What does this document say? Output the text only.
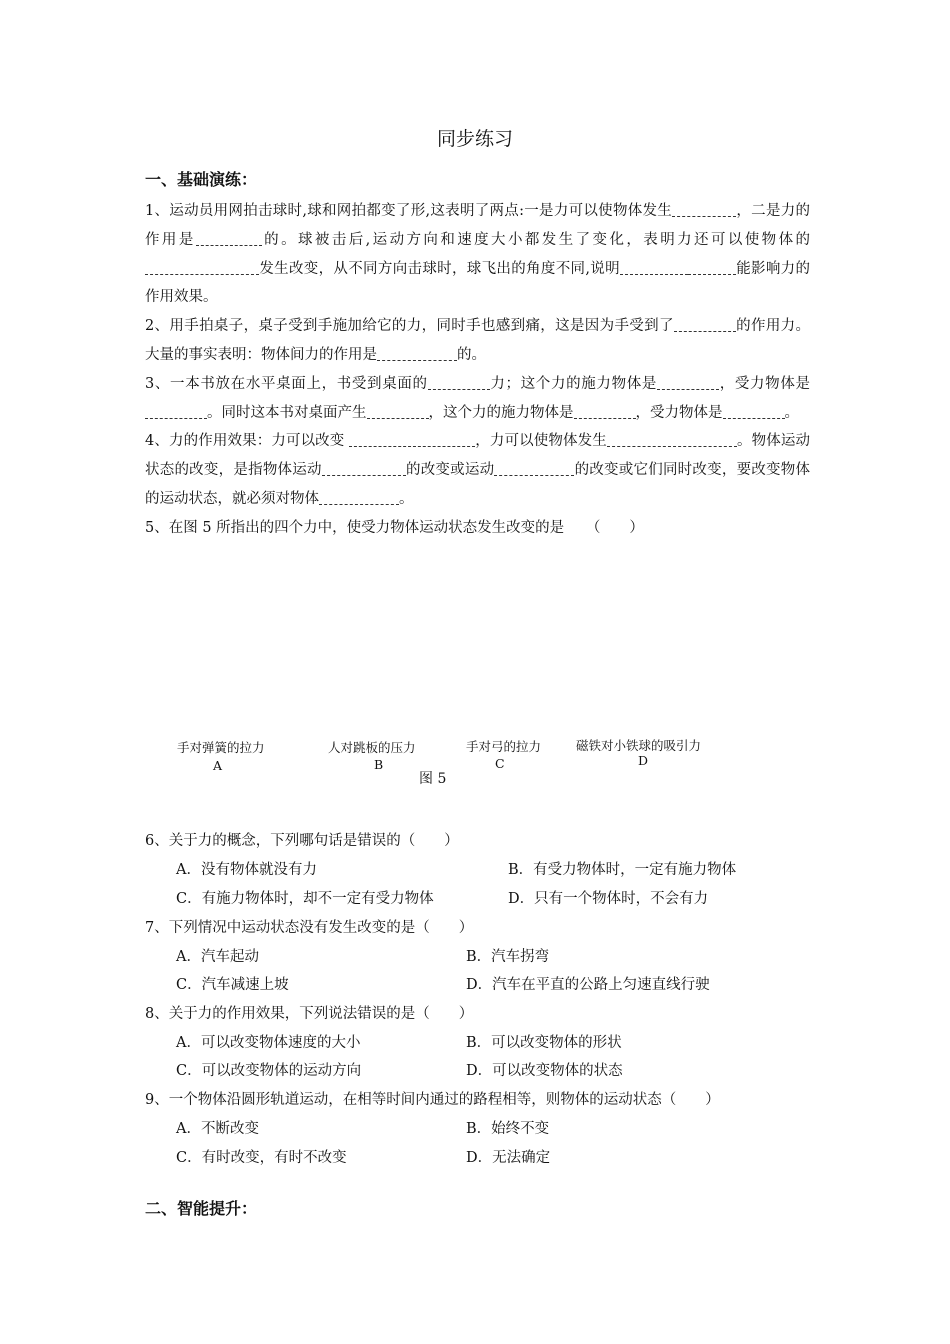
同步练习
一、基础演练：

1、运动员用网拍击球时,球和网拍都变了形,这表明了两点:一是力可以使物体发生	，二是力的作用是	的。球被击后,运动方向和速度大小都发生了变化，表明力还可以使物体的发生改变，从不同方向击球时，球飞出的角度不同,说明	能影响力的作用效果。

2、用手拍桌子，桌子受到手施加给它的力，同时手也感到痛，这是因为手受到了	的作用力。大量的事实表明：物体间力的作用是	的。

3、一本书放在水平桌面上，书受到桌面的	力；这个力的施力物体是	，受力物体是。同时这本书对桌面产生	，这个力的施力物体是	，受力物体是	。

4、力的作用效果：力可以改变	，力可以使物体发生	。物体运动状态的改变，是指物体运动	的改变或运动	的改变或它们同时改变，要改变物体的运动状态，就必须对物体	。

5、在图 5 所指出的四个力中，使受力物体运动状态发生改变的是　　（　　）

手对弹簧的拉力
A
人对跳板的压力
B
手对弓的拉力
C
磁铁对小铁球的吸引力
D
图 5
6、关于力的概念，下列哪句话是错误的（　　）
A．没有物体就没有力	B．有受力物体时，一定有施力物体
C．有施力物体时，却不一定有受力物体	D．只有一个物体时，不会有力
7、下列情况中运动状态没有发生改变的是（　　）
A．汽车起动	B．汽车拐弯
C．汽车减速上坡	D．汽车在平直的公路上匀速直线行驶
8、关于力的作用效果，下列说法错误的是（　　）
A．可以改变物体速度的大小	B．可以改变物体的形状
C．可以改变物体的运动方向	D．可以改变物体的状态
9、一个物体沿圆形轨道运动，在相等时间内通过的路程相等，则物体的运动状态（　　）
A．不断改变	B．始终不变
C．有时改变，有时不改变	D．无法确定
二、智能提升：
